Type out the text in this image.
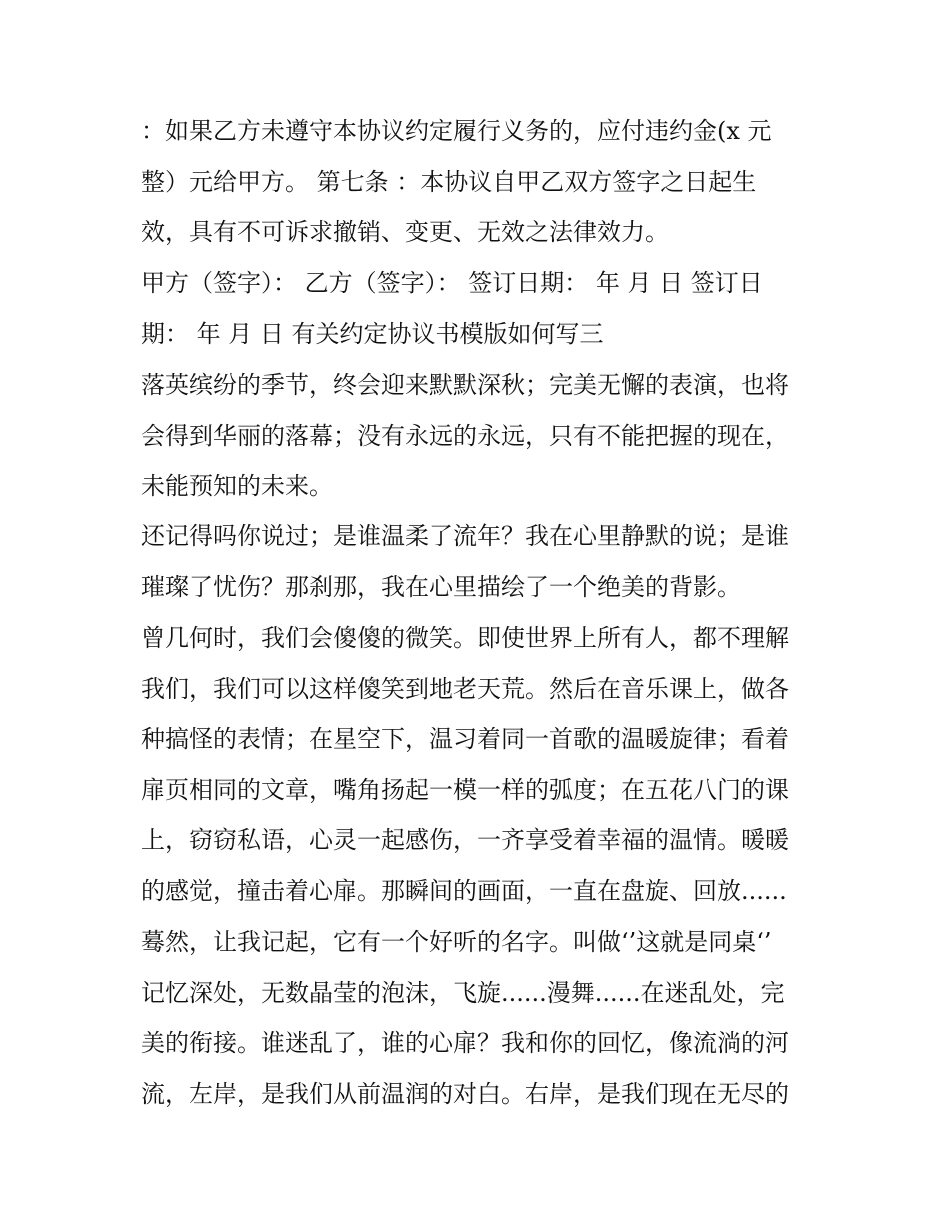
：如果乙方未遵守本协议约定履行义务的，应付违约金(x 元

整）元给甲方。 第七条 ：本协议自甲乙双方签字之日起生

效，具有不可诉求撤销、变更、无效之法律效力。

甲方（签字）： 乙方（签字）： 签订日期： 年 月 日 签订日

期： 年 月 日 有关约定协议书模版如何写三

落英缤纷的季节，终会迎来默默深秋；完美无懈的表演，也将

会得到华丽的落幕；没有永远的永远，只有不能把握的现在，

未能预知的未来。

还记得吗你说过；是谁温柔了流年？我在心里静默的说；是谁

璀璨了忧伤？那刹那，我在心里描绘了一个绝美的背影。

曾几何时，我们会傻傻的微笑。即使世界上所有人，都不理解

我们，我们可以这样傻笑到地老天荒。然后在音乐课上，做各

种搞怪的表情；在星空下，温习着同一首歌的温暖旋律；看着

扉页相同的文章，嘴角扬起一模一样的弧度；在五花八门的课

上，窃窃私语，心灵一起感伤，一齐享受着幸福的温情。暖暖

的感觉，撞击着心扉。那瞬间的画面，一直在盘旋、回放......

蓦然，让我记起，它有一个好听的名字。叫做‘’这就是同桌‘’

记忆深处，无数晶莹的泡沫，飞旋......漫舞......在迷乱处，完

美的衔接。谁迷乱了，谁的心扉？我和你的回忆，像流淌的河

流，左岸，是我们从前温润的对白。右岸，是我们现在无尽的
